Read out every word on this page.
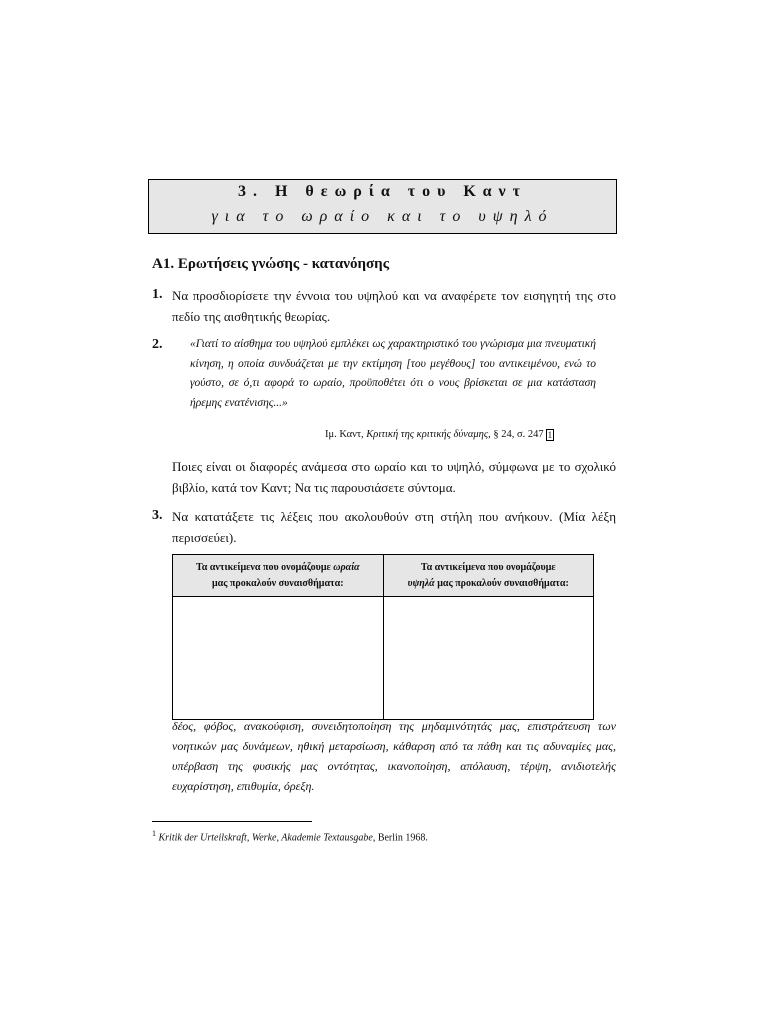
3. Η θεωρία του Καντ
για το ωραίο και το υψηλό
Α1. Ερωτήσεις γνώσης - κατανόησης
1. Να προσδιορίσετε την έννοια του υψηλού και να αναφέρετε τον εισηγητή της στο πεδίο της αισθητικής θεωρίας.
2. «Γιατί το αίσθημα του υψηλού εμπλέκει ως χαρακτηριστικό του γνώρισμα μια πνευματική κίνηση, η οποία συνδυάζεται με την εκτίμηση [του μεγέθους] του αντικειμένου, ενώ το γούστο, σε ό,τι αφορά το ωραίο, προϋποθέτει ότι ο νους βρίσκεται σε μια κατάσταση ήρεμης ενατένισης...»
Ιμ. Καντ, Κριτική της κριτικής δύναμης, § 24, σ. 247 1
Ποιες είναι οι διαφορές ανάμεσα στο ωραίο και το υψηλό, σύμφωνα με το σχολικό βιβλίο, κατά τον Καντ; Να τις παρουσιάσετε σύντομα.
3. Να κατατάξετε τις λέξεις που ακολουθούν στη στήλη που ανήκουν. (Μία λέξη περισσεύει).
Τα αντικείμενα που ονομάζουμε ωραία
μας προκαλούν συναισθήματα:	Τα αντικείμενα που ονομάζουμε
υψηλά μας προκαλούν συναισθήματα:

δέος, φόβος, ανακούφιση, συνειδητοποίηση της μηδαμινότητάς μας, επιστράτευση των νοητικών μας δυνάμεων, ηθική μεταρσίωση, κάθαρση από τα πάθη και τις αδυναμίες μας, υπέρβαση της φυσικής μας οντότητας, ικανοποίηση, απόλαυση, τέρψη, ανιδιοτελής ευχαρίστηση, επιθυμία, όρεξη.
$^1$ Kritik der Urteilskraft, Werke, Akademie Textausgabe, Berlin 1968.
